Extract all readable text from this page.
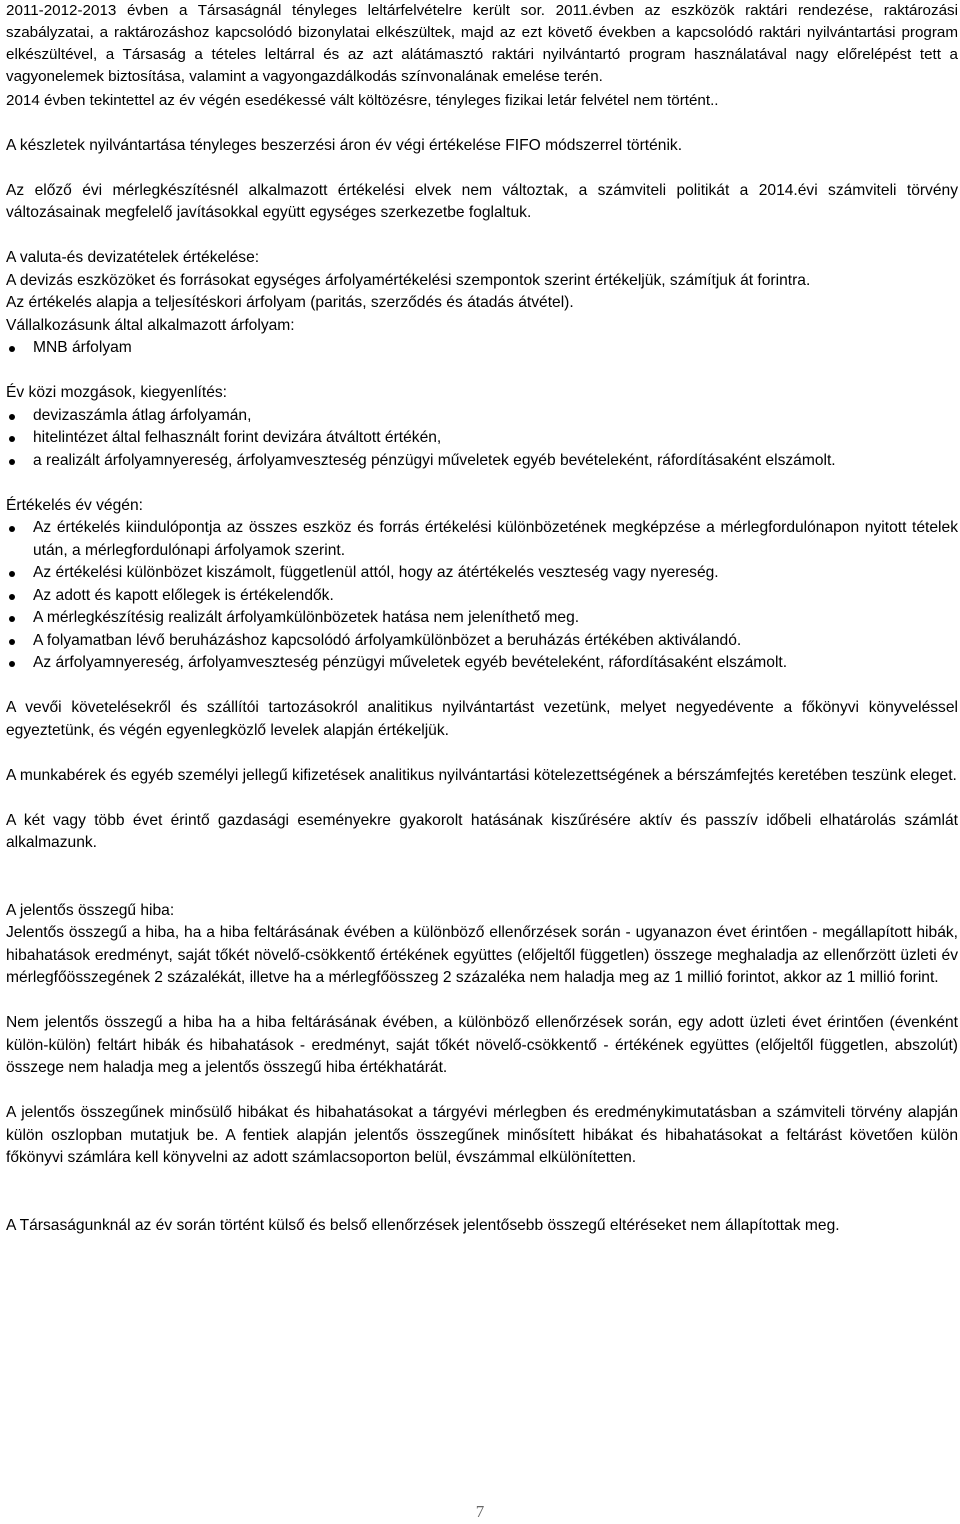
2011-2012-2013 évben a Társaságnál tényleges leltárfelvételre került sor. 2011.évben az eszközök raktári rendezése, raktározási szabályzatai, a raktározáshoz kapcsolódó bizonylatai elkészültek, majd az ezt követő években a kapcsolódó raktári nyilvántartási program elkészültével, a Társaság a tételes leltárral és az azt alátámasztó raktári nyilvántartó program használatával nagy előrelépést tett a vagyonelemek biztosítása, valamint a vagyongazdálkodás színvonalának emelése terén.

2014 évben tekintettel az év végén esedékessé vált költözésre, tényleges fizikai letár felvétel nem történt..

A készletek nyilvántartása tényleges beszerzési áron év végi értékelése FIFO módszerrel történik.

Az előző évi mérlegkészítésnél alkalmazott értékelési elvek nem változtak, a számviteli politikát a 2014.évi számviteli törvény változásainak megfelelő javításokkal együtt egységes szerkezetbe foglaltuk.

A valuta-és devizatételek értékelése:

A devizás eszközöket és forrásokat egységes árfolyamértékelési szempontok szerint értékeljük, számítjuk át forintra.

Az értékelés alapja a teljesítéskori árfolyam (paritás, szerződés és átadás átvétel).

Vállalkozásunk által alkalmazott árfolyam:

MNB árfolyam

Év közi mozgások, kiegyenlítés:

devizaszámla átlag árfolyamán,
hitelintézet által felhasznált forint devizára átváltott értékén,
a realizált árfolyamnyereség, árfolyamveszteség pénzügyi műveletek egyéb bevételeként, ráfordításaként elszámolt.

Értékelés év végén:

Az értékelés kiindulópontja az összes eszköz és forrás értékelési különbözetének megképzése a mérlegfordulónapon nyitott tételek után, a mérlegfordulónapi árfolyamok szerint.
Az értékelési különbözet kiszámolt, függetlenül attól, hogy az átértékelés veszteség vagy nyereség.
Az adott és kapott előlegek is értékelendők.
A mérlegkészítésig realizált árfolyamkülönbözetek hatása nem jeleníthető meg.
A folyamatban lévő beruházáshoz kapcsolódó árfolyamkülönbözet a beruházás értékében aktiválandó.
Az árfolyamnyereség, árfolyamveszteség pénzügyi műveletek egyéb bevételeként, ráfordításaként elszámolt.

A vevői követelésekről és szállítói tartozásokról analitikus nyilvántartást vezetünk, melyet negyedévente a főkönyvi könyveléssel egyeztetünk, és végén egyenlegközlő levelek alapján értékeljük.

A munkabérek és egyéb személyi jellegű kifizetések analitikus nyilvántartási kötelezettségének a bérszámfejtés keretében teszünk eleget.

A két vagy több évet érintő gazdasági eseményekre gyakorolt hatásának kiszűrésére aktív és passzív időbeli elhatárolás számlát alkalmazunk.

A jelentős összegű hiba:

Jelentős összegű a hiba, ha a hiba feltárásának évében a különböző ellenőrzések során - ugyanazon évet érintően - megállapított hibák, hibahatások eredményt, saját tőkét növelő-csökkentő értékének együttes (előjeltől független) összege meghaladja az ellenőrzött üzleti év mérlegfőösszegének 2 százalékát, illetve ha a mérlegfőösszeg 2 százaléka nem haladja meg az 1 millió forintot, akkor az 1 millió forint.

Nem jelentős összegű a hiba ha a hiba feltárásának évében, a különböző ellenőrzések során, egy adott üzleti évet érintően (évenként külön-külön) feltárt hibák és hibahatások - eredményt, saját tőkét növelő-csökkentő - értékének együttes (előjeltől független, abszolút) összege nem haladja meg a jelentős összegű hiba értékhatárát.

A jelentős összegűnek minősülő hibákat és hibahatásokat a tárgyévi mérlegben és eredménykimutatásban a számviteli törvény alapján külön oszlopban mutatjuk be. A fentiek alapján jelentős összegűnek minősített hibákat és hibahatásokat a feltárást követően külön főkönyvi számlára kell könyvelni az adott számlacsoporton belül, évszámmal elkülönítetten.

A Társaságunknál az év során történt külső és belső ellenőrzések jelentősebb összegű eltéréseket nem állapítottak meg.

7
